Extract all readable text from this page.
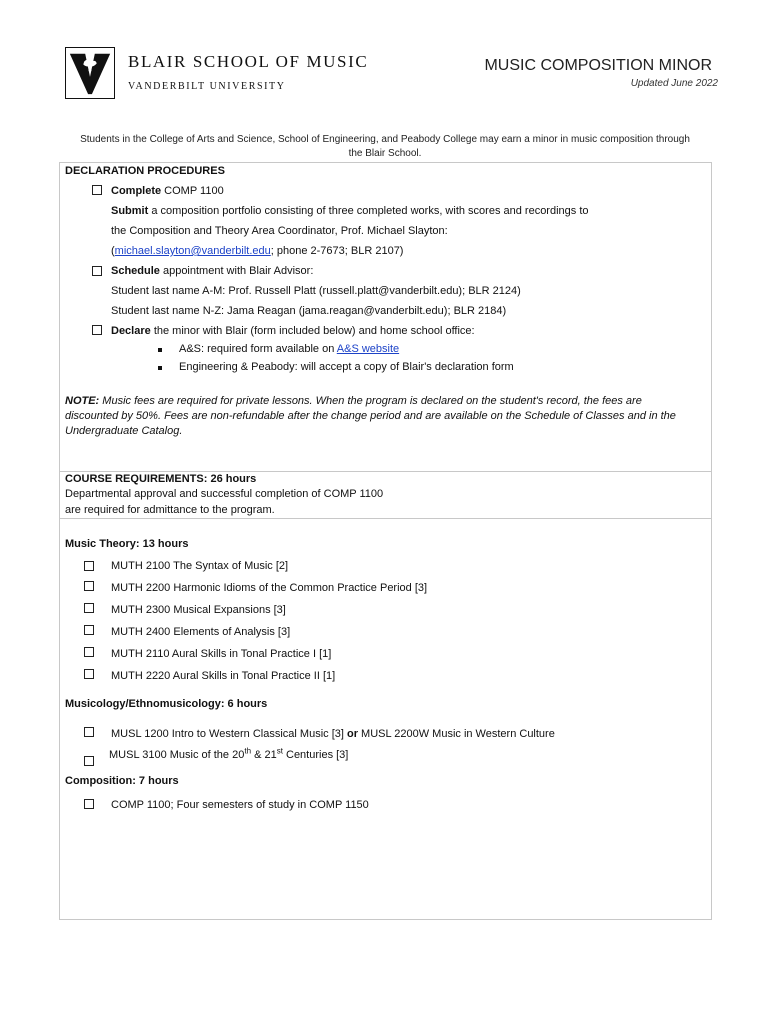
BLAIR SCHOOL OF MUSIC
VANDERBILT UNIVERSITY
MUSIC COMPOSITION MINOR
Updated June 2022
Students in the College of Arts and Science, School of Engineering, and Peabody College may earn a minor in music composition through the Blair School.
DECLARATION PROCEDURES
Complete COMP 1100
Submit a composition portfolio consisting of three completed works, with scores and recordings to
the Composition and Theory Area Coordinator, Prof. Michael Slayton:
(michael.slayton@vanderbilt.edu; phone 2-7673; BLR 2107)
Schedule appointment with Blair Advisor:
Student last name A-M: Prof. Russell Platt (russell.platt@vanderbilt.edu); BLR 2124)
Student last name N-Z: Jama Reagan (jama.reagan@vanderbilt.edu); BLR 2184)
Declare the minor with Blair (form included below) and home school office:
A&S: required form available on A&S website
Engineering & Peabody: will accept a copy of Blair's declaration form
NOTE: Music fees are required for private lessons. When the program is declared on the student's record, the fees are discounted by 50%. Fees are non-refundable after the change period and are available on the Schedule of Classes and in the Undergraduate Catalog.
COURSE REQUIREMENTS: 26 hours
Departmental approval and successful completion of COMP 1100
are required for admittance to the program.
Music Theory: 13 hours
MUTH 2100 The Syntax of Music [2]
MUTH 2200 Harmonic Idioms of the Common Practice Period [3]
MUTH 2300 Musical Expansions [3]
MUTH 2400 Elements of Analysis [3]
MUTH 2110 Aural Skills in Tonal Practice I [1]
MUTH 2220 Aural Skills in Tonal Practice II [1]
Musicology/Ethnomusicology: 6 hours
MUSL 1200 Intro to Western Classical Music [3] or MUSL 2200W Music in Western Culture
MUSL 3100 Music of the 20th & 21st Centuries [3]
Composition: 7 hours
COMP 1100; Four semesters of study in COMP 1150
